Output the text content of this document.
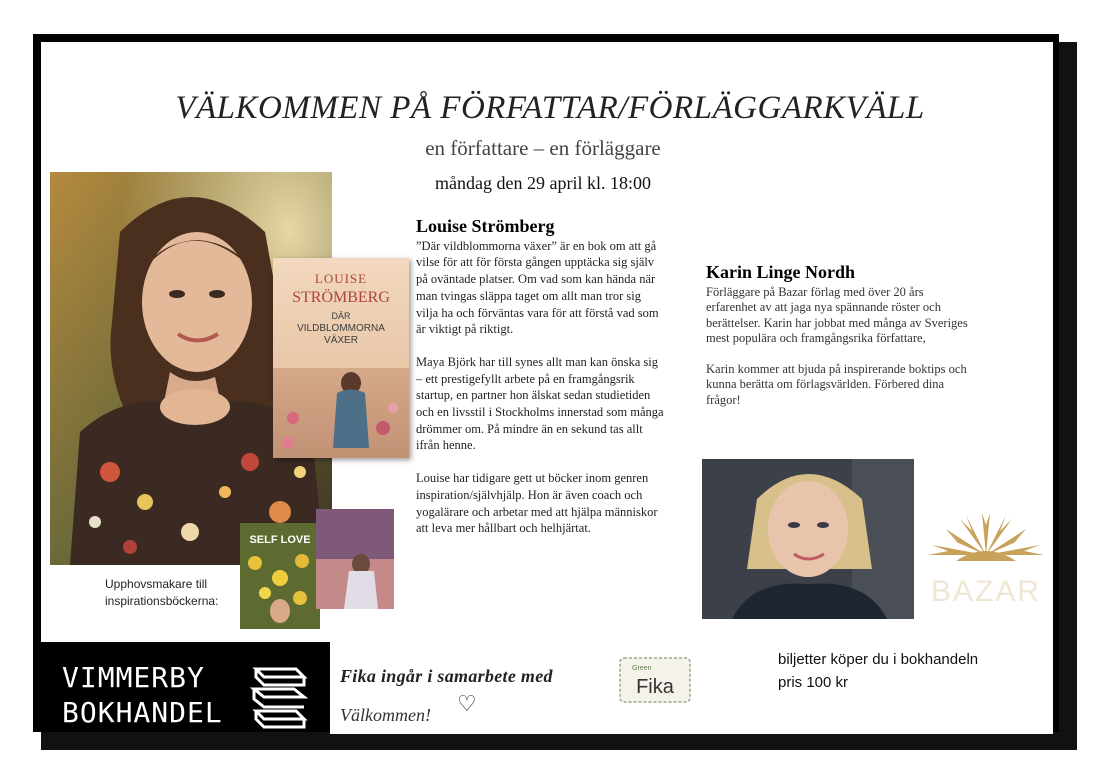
VÄLKOMMEN PÅ FÖRFATTAR/FÖRLÄGGARKVÄLL
en författare – en förläggare
måndag den 29 april kl. 18:00
LOUISE
STRÖMBERG
DÄR
VILDBLOMMORNA
VÄXER
SELF LOVE
Upphovsmakare till inspirationsböckerna:
Louise Strömberg

”Där vildblommorna växer” är en bok om att gå vilse för att för första gången upptäcka sig själv på oväntade platser. Om vad som kan hända när man tvingas släppa taget om allt man tror sig vilja ha och förväntas vara för att förstå vad som är viktigt på riktigt.

Maya Björk har till synes allt man kan önska sig – ett prestigefyllt arbete på en framgångsrik startup, en partner hon älskat sedan studietiden och en livsstil i Stockholms innerstad som många drömmer om. På mindre än en sekund tas allt ifrån henne.

Louise har tidigare gett ut böcker inom genren inspiration/självhjälp. Hon är även coach och yogalärare och arbetar med att hjälpa människor att leva mer hållbart och helhjärtat.

Karin Linge Nordh

Förläggare på Bazar förlag med över 20 års erfarenhet av att jaga nya spännande röster och berättelser. Karin har jobbat med många av Sveriges mest populära och framgångsrika författare,

Karin kommer att bjuda på inspirerande boktips och kunna berätta om förlagsvärlden. Förbered dina frågor!

BAZAR
VIMMERBY
BOKHANDEL
Fika ingår i samarbete med	Green
Fika
Välkommen! ♡
biljetter köper du i bokhandeln
pris 100 kr
